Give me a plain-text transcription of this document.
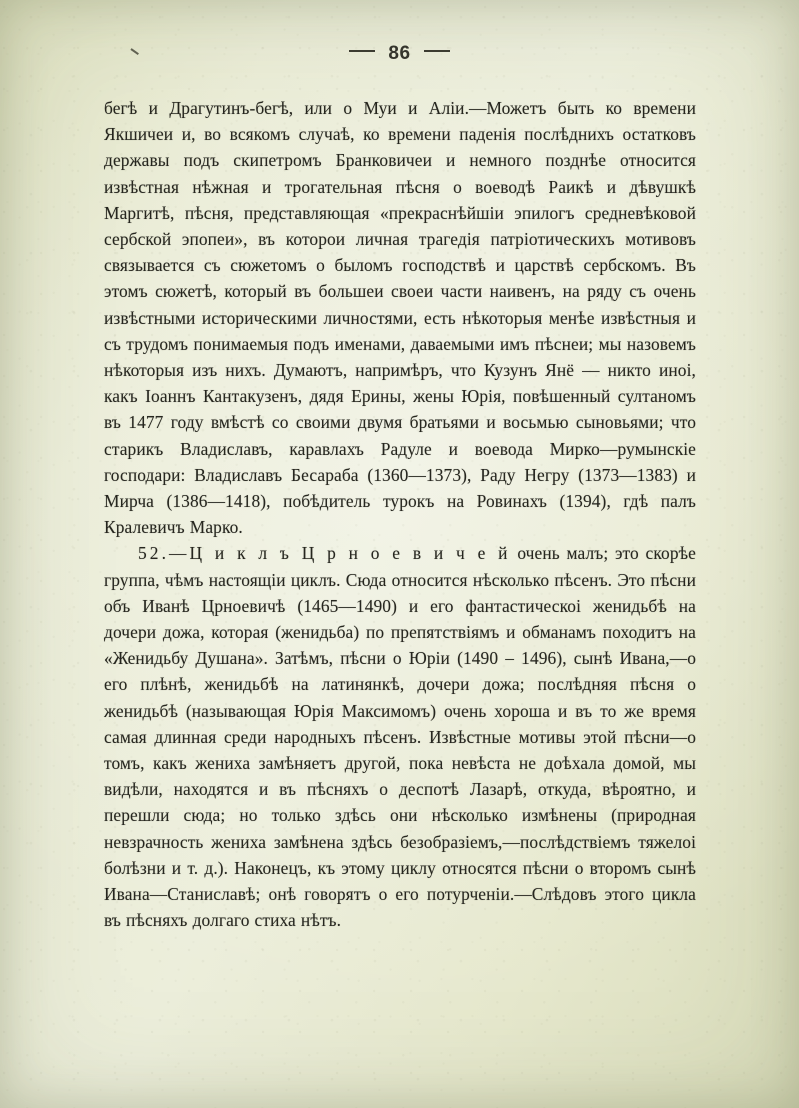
86

бегѣ и Драгутинъ-бегѣ, или о Муи и Аліи.—Можетъ быть ко времени Якшичеи и, во всякомъ случаѣ, ко времени паденія послѣднихъ остатковъ державы подъ скипетромъ Бранковичеи и немного позднѣе относится извѣстная нѣжная и трогательная пѣсня о воеводѣ Раикѣ и дѣвушкѣ Маргитѣ, пѣсня, представляющая «прекраснѣйшіи эпилогъ средневѣковой сербской эпопеи», въ которои личная трагедія патріотическихъ мотивовъ связывается съ сюжетомъ о быломъ господствѣ и царствѣ сербскомъ. Въ этомъ сюжетѣ, который въ большеи своеи части наивенъ, на ряду съ очень извѣстными историческими личностями, есть нѣкоторыя менѣе извѣстныя и съ трудомъ понимаемыя подъ именами, даваемыми имъ пѣснеи; мы назовемъ нѣкоторыя изъ нихъ. Думаютъ, напримѣръ, что Кузунъ Янё — никто иноі, какъ Іоаннъ Кантакузенъ, дядя Ерины, жены Юрія, повѣшенный султаномъ въ 1477 году вмѣстѣ со своими двумя братьями и восьмью сыновьями; что старикъ Владиславъ, каравлахъ Радуле и воевода Мирко—румынскіе господари: Владиславъ Бесараба (1360—1373), Раду Негру (1373—1383) и Мирча (1386—1418), побѣдитель турокъ на Ровинахъ (1394), гдѣ палъ Кралевичъ Марко.

52.—Ц и к л ъ Ц р н о е в и ч е й очень малъ; это скорѣе группа, чѣмъ настоящіи циклъ. Сюда относится нѣсколько пѣсенъ. Это пѣсни объ Иванѣ Црноевичѣ (1465—1490) и его фантастическоі женидьбѣ на дочери дожа, которая (женидьба) по препятствіямъ и обманамъ походитъ на «Женидьбу Душана». Затѣмъ, пѣсни о Юріи (1490 – 1496), сынѣ Ивана,—о его плѣнѣ, женидьбѣ на латинянкѣ, дочери дожа; послѣдняя пѣсня о женидьбѣ (называющая Юрія Максимомъ) очень хороша и въ то же время самая длинная среди народныхъ пѣсенъ. Извѣстные мотивы этой пѣсни—о томъ, какъ жениха замѣняетъ другой, пока невѣста не доѣхала домой, мы видѣли, находятся и въ пѣсняхъ о деспотѣ Лазарѣ, откуда, вѣроятно, и перешли сюда; но только здѣсь они нѣсколько измѣнены (природная невзрачность жениха замѣнена здѣсь безобразіемъ,—послѣдствіемъ тяжелоі болѣзни и т. д.). Наконецъ, къ этому циклу относятся пѣсни о второмъ сынѣ Ивана—Станиславѣ; онѣ говорятъ о его потурченіи.—Слѣдовъ этого цикла въ пѣсняхъ долгаго стиха нѣтъ.
